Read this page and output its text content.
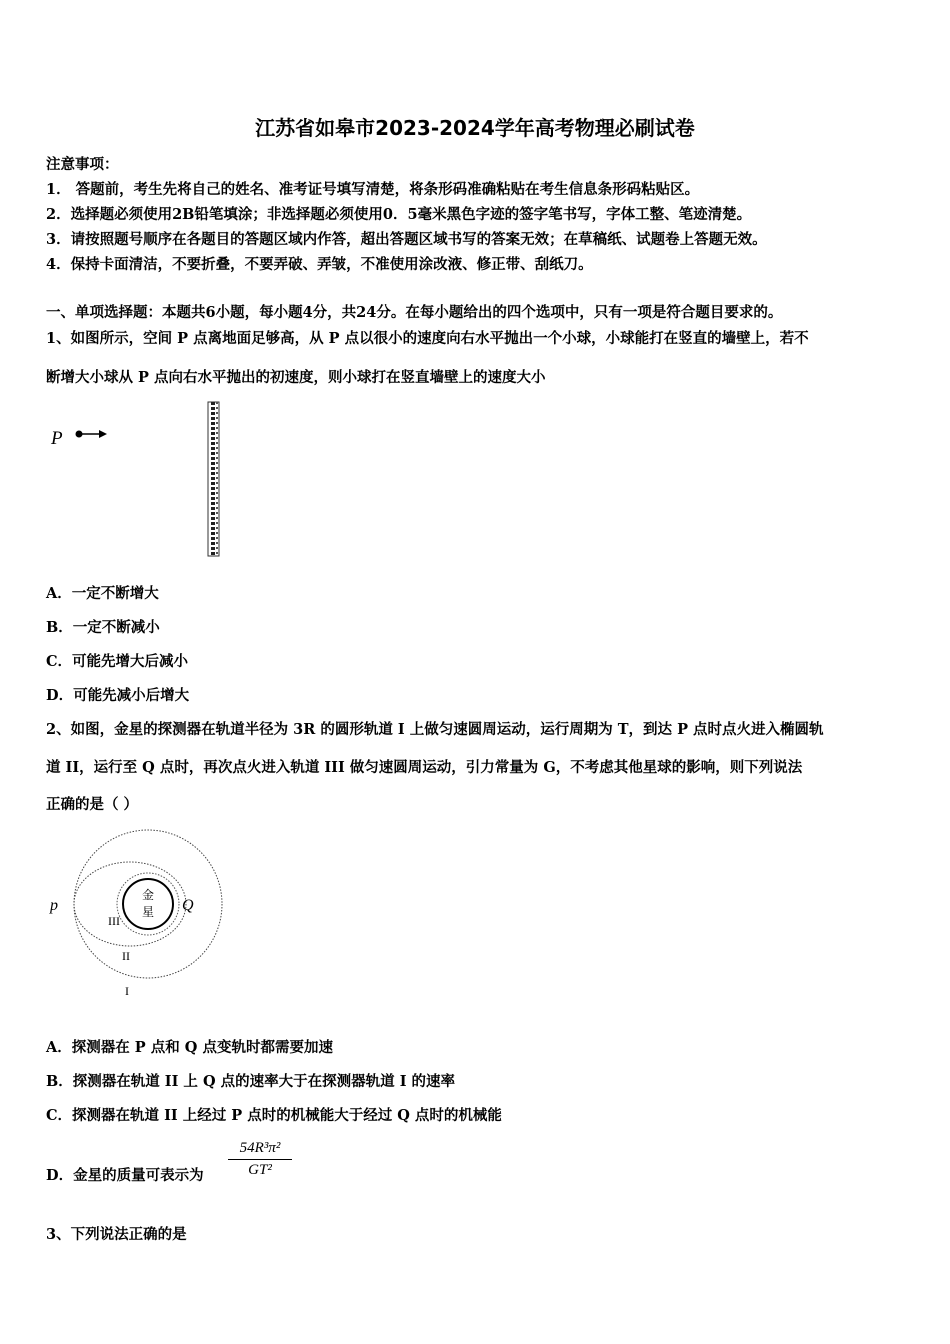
江苏省如皋市2023-2024学年高考物理必刷试卷
注意事项：
1． 答题前，考生先将自己的姓名、准考证号填写清楚，将条形码准确粘贴在考生信息条形码粘贴区。
2．选择题必须使用2B铅笔填涂；非选择题必须使用0．5毫米黑色字迹的签字笔书写，字体工整、笔迹清楚。
3．请按照题号顺序在各题目的答题区域内作答，超出答题区域书写的答案无效；在草稿纸、试题卷上答题无效。
4．保持卡面清洁，不要折叠，不要弄破、弄皱，不准使用涂改液、修正带、刮纸刀。
一、单项选择题：本题共6小题，每小题4分，共24分。在每小题给出的四个选项中，只有一项是符合题目要求的。
1、如图所示，空间 P 点离地面足够高，从 P 点以很小的速度向右水平抛出一个小球，小球能打在竖直的墙壁上，若不
断增大小球从 P 点向右水平抛出的初速度，则小球打在竖直墙壁上的速度大小
P
A．一定不断增大
B．一定不断减小
C．可能先增大后减小
D．可能先减小后增大
2、如图，金星的探测器在轨道半径为 3R 的圆形轨道 I 上做匀速圆周运动，运行周期为 T，到达 P 点时点火进入椭圆轨
道 II，运行至 Q 点时，再次点火进入轨道 III 做匀速圆周运动，引力常量为 G，不考虑其他星球的影响，则下列说法
正确的是（ ）
金
星
p	Q
III
II
I
A．探测器在 P 点和 Q 点变轨时都需要加速
B．探测器在轨道 II 上 Q 点的速率大于在探测器轨道 I 的速率
C．探测器在轨道 II 上经过 P 点时的机械能大于经过 Q 点时的机械能
D．金星的质量可表示为 $\frac{\text{54R³π²}}{\text{GT²}}$
3、下列说法正确的是
